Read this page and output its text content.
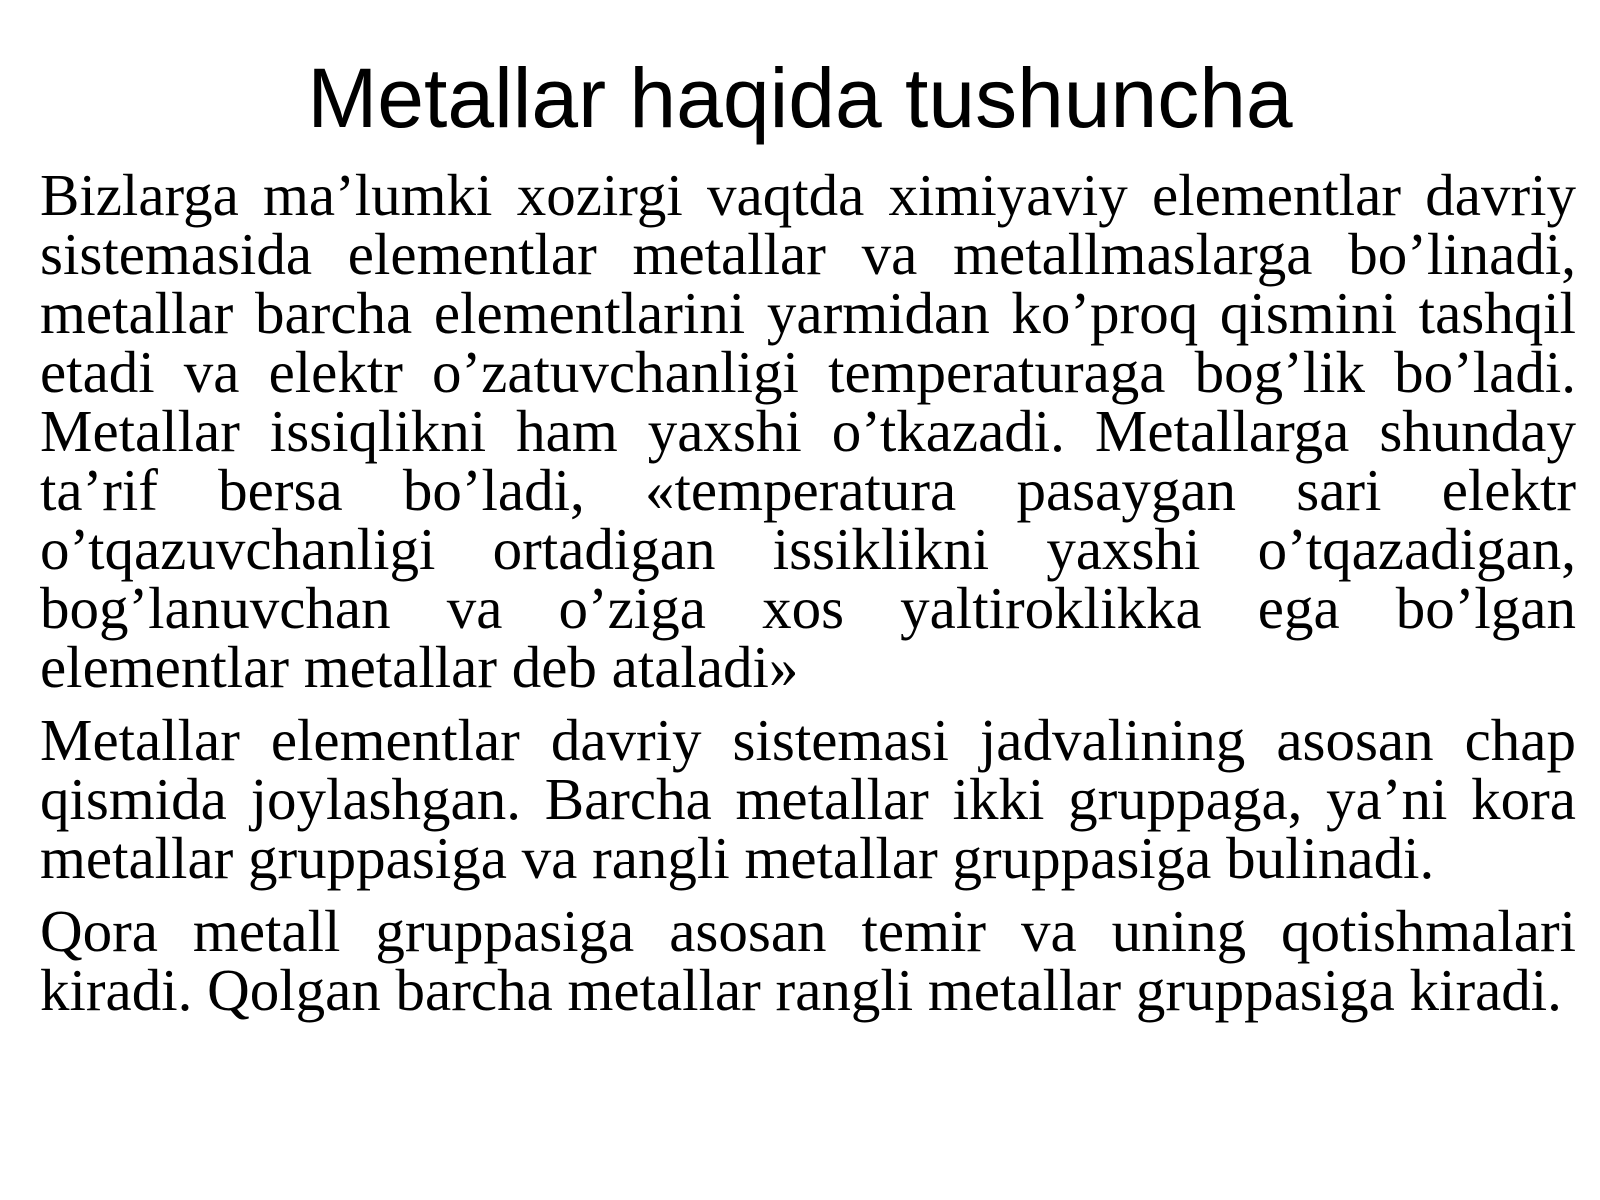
Metallar haqida tushuncha

Bizlarga ma’lumki xozirgi vaqtda ximiyaviy elementlar davriy sistemasida elementlar metallar va metallmaslarga bo’linadi, metallar barcha elementlarini yarmidan ko’proq qismini tashqil etadi va elektr o’zatuvchanligi temperaturaga bog’lik bo’ladi. Metallar issiqlikni ham yaxshi o’tkazadi. Metallarga shunday ta’rif bersa bo’ladi, «temperatura pasaygan sari elektr o’tqazuvchanligi ortadigan issiklikni yaxshi o’tqazadigan, bog’lanuvchan va o’ziga xos yaltiroklikka ega bo’lgan elementlar metallar deb ataladi»

Metallar elementlar davriy sistemasi jadvalining asosan chap qismida joylashgan. Barcha metallar ikki gruppaga, ya’ni kora metallar gruppasiga va rangli metallar gruppasiga bulinadi.

Qora metall gruppasiga asosan temir va uning qotishmalari kiradi. Qolgan barcha metallar rangli metallar gruppasiga kiradi.
